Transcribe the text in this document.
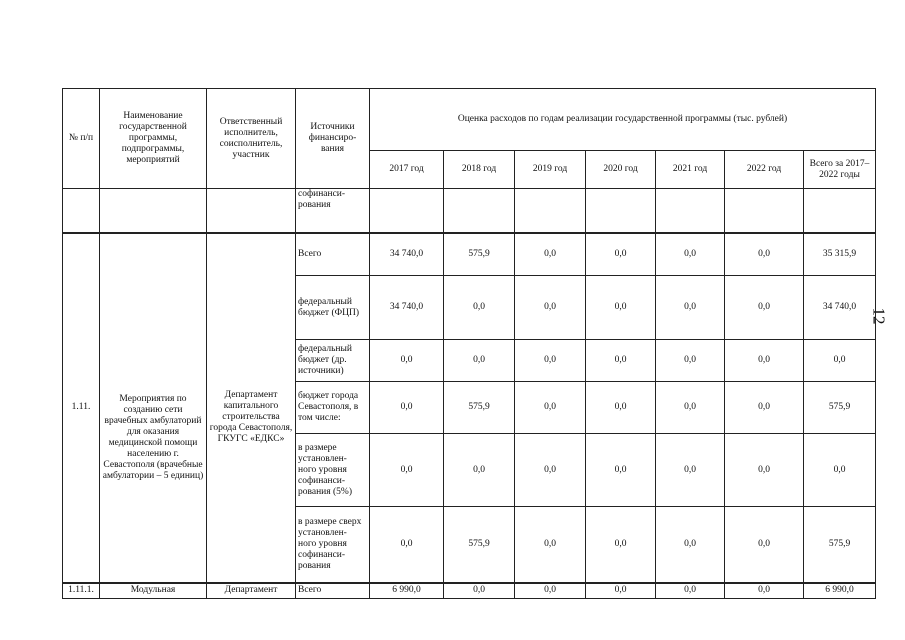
12
№ п/п	Наименование государственной программы, подпрограммы, мероприятий	Ответственный исполнитель, соисполнитель, участник	Источники финансиро- вания	Оценка расходов по годам реализации государственной программы (тыс. рублей)						
				2017 год	2018 год	2019 год	2020 год	2021 год	2022 год	Всего за 2017–2022 годы
			софинанси- рования							
1.11.	Мероприятия по созданию сети врачебных амбулаторий для оказания медицинской помощи населению г. Севастополя (врачебные амбулатории – 5 единиц)	Департамент капитального строительства города Севастополя, ГКУГС «ЕДКС»	Всего	34 740,0	575,9	0,0	0,0	0,0	0,0	35 315,9
			федеральный бюджет (ФЦП)	34 740,0	0,0	0,0	0,0	0,0	0,0	34 740,0
			федеральный бюджет (др. источники)	0,0	0,0	0,0	0,0	0,0	0,0	0,0
			бюджет города Севастополя, в том числе:	0,0	575,9	0,0	0,0	0,0	0,0	575,9
			в размере установлен- ного уровня софинанси- рования (5%)	0,0	0,0	0,0	0,0	0,0	0,0	0,0
			в размере сверх установлен- ного уровня софинанси- рования	0,0	575,9	0,0	0,0	0,0	0,0	575,9
1.11.1.	Модульная	Департамент	Всего	6 990,0	0,0	0,0	0,0	0,0	0,0	6 990,0
